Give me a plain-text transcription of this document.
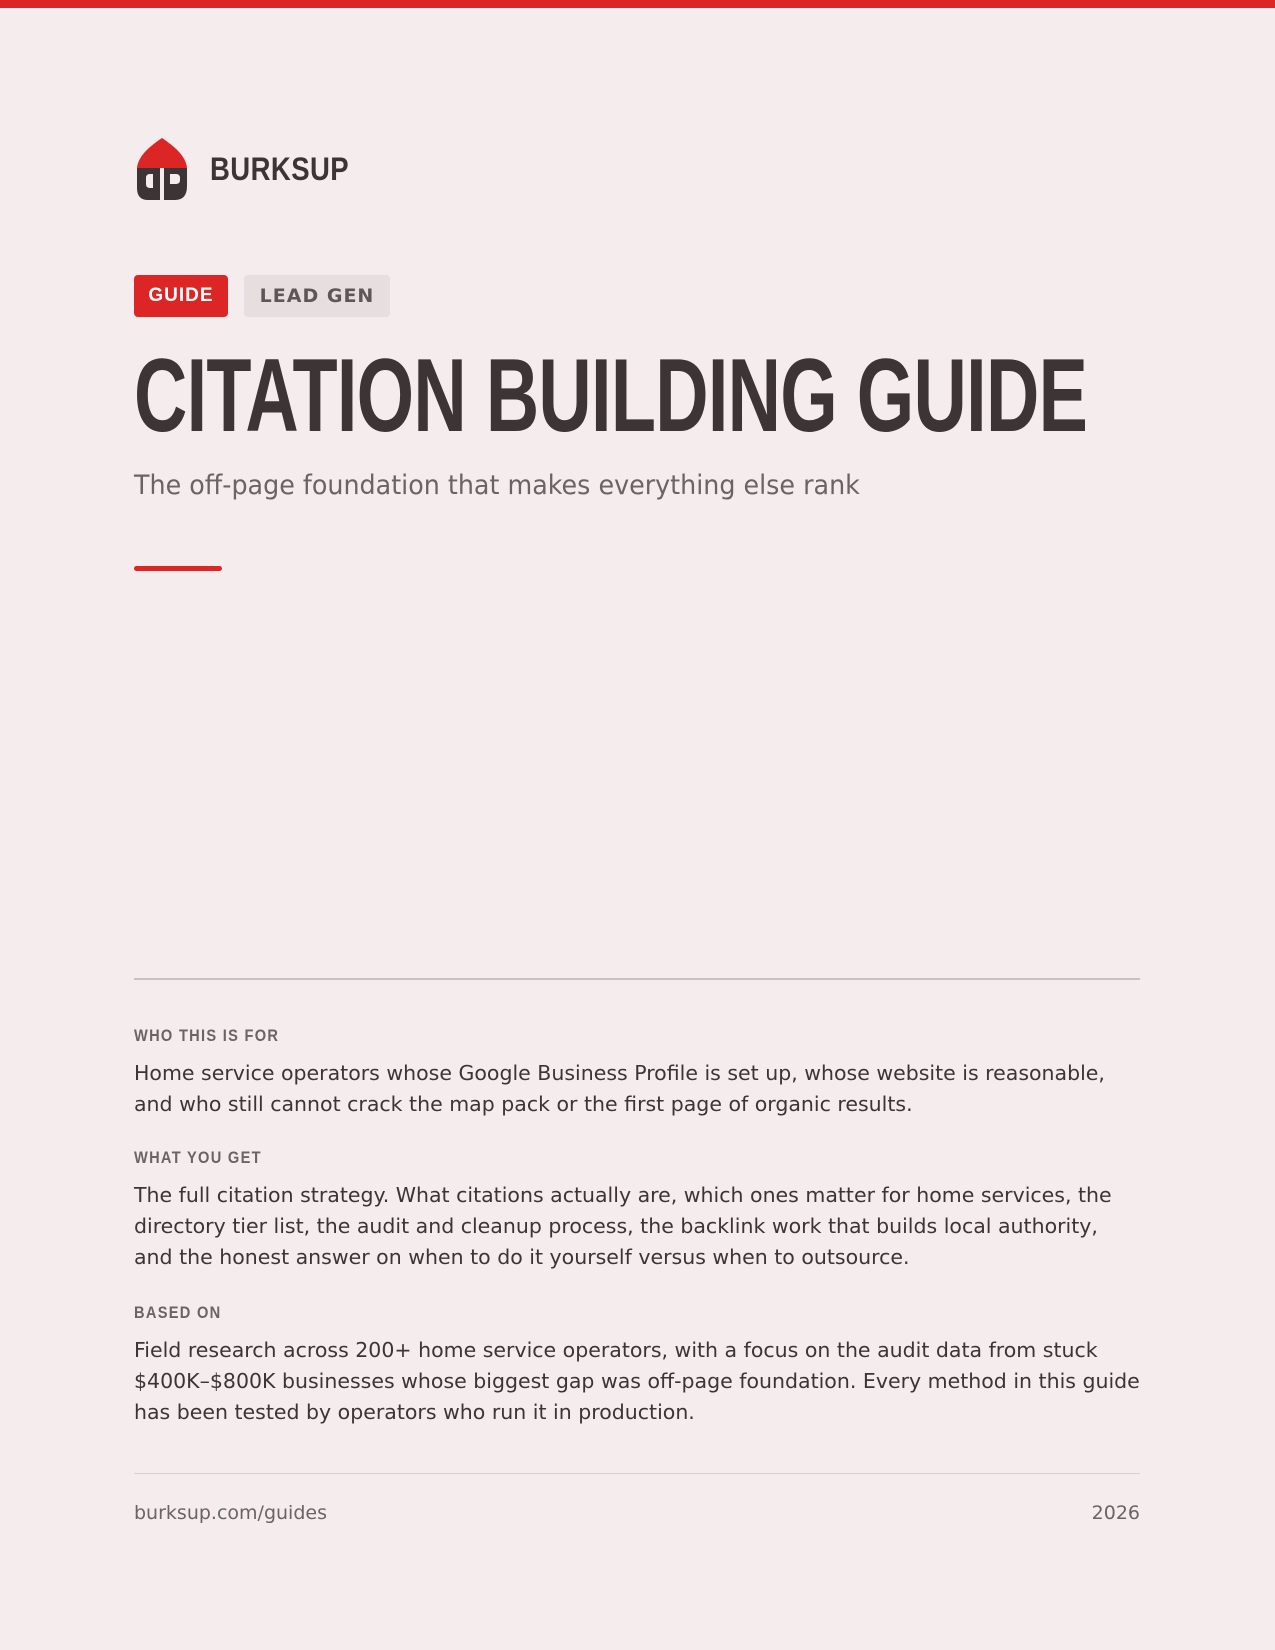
BURKSUP
GUIDE	LEAD GEN
CITATION BUILDING GUIDE
The off-page foundation that makes everything else rank
WHO THIS IS FOR
Home service operators whose Google Business Profile is set up, whose website is reasonable, and who still cannot crack the map pack or the first page of organic results.
WHAT YOU GET
The full citation strategy. What citations actually are, which ones matter for home services, the directory tier list, the audit and cleanup process, the backlink work that builds local authority, and the honest answer on when to do it yourself versus when to outsource.
BASED ON
Field research across 200+ home service operators, with a focus on the audit data from stuck $400K–$800K businesses whose biggest gap was off-page foundation. Every method in this guide has been tested by operators who run it in production.
burksup.com/guides	2026
